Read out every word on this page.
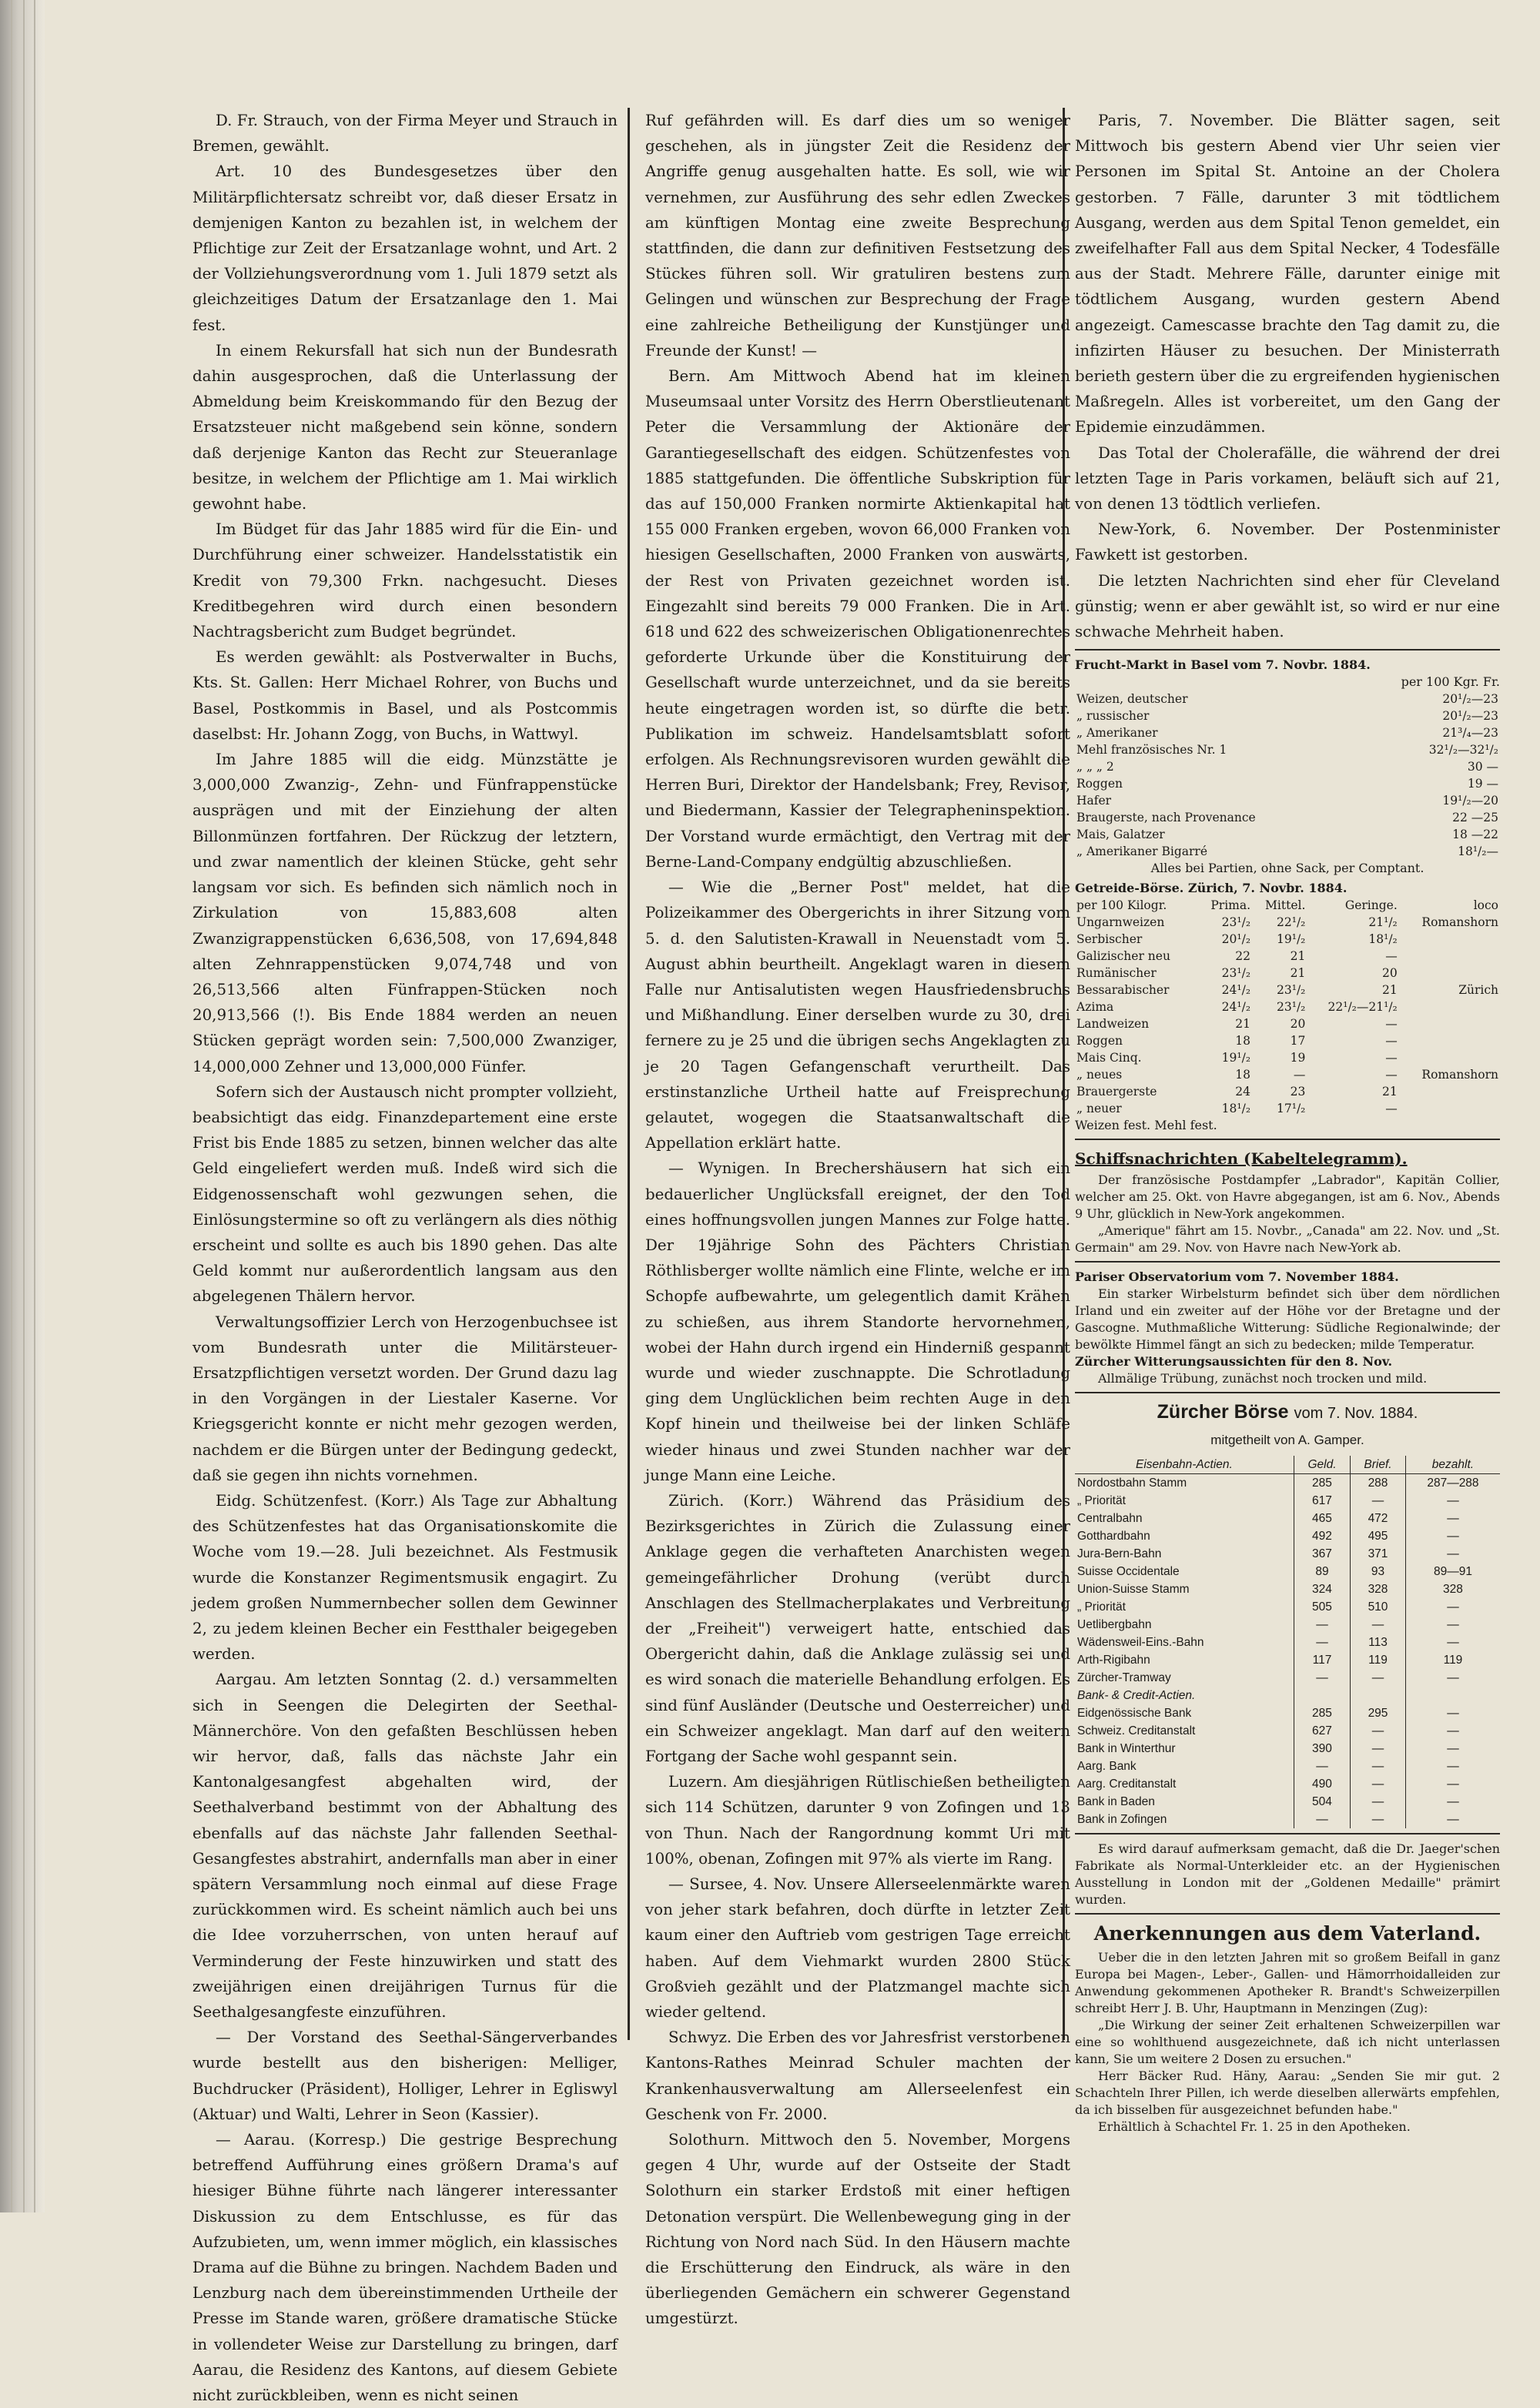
D. Fr. Strauch, von der Firma Meyer und Strauch in Bremen, gewählt.

Art. 10 des Bundesgesetzes über den Militärpflichtersatz schreibt vor, daß dieser Ersatz in demjenigen Kanton zu bezahlen ist, in welchem der Pflichtige zur Zeit der Ersatzanlage wohnt, und Art. 2 der Vollziehungsverordnung vom 1. Juli 1879 setzt als gleichzeitiges Datum der Ersatzanlage den 1. Mai fest.

In einem Rekursfall hat sich nun der Bundesrath dahin ausgesprochen, daß die Unterlassung der Abmeldung beim Kreiskommando für den Bezug der Ersatzsteuer nicht maßgebend sein könne, sondern daß derjenige Kanton das Recht zur Steueranlage besitze, in welchem der Pflichtige am 1. Mai wirklich gewohnt habe.

Im Büdget für das Jahr 1885 wird für die Ein- und Durchführung einer schweizer. Handelsstatistik ein Kredit von 79,300 Frkn. nachgesucht. Dieses Kreditbegehren wird durch einen besondern Nachtragsbericht zum Budget begründet.

Es werden gewählt: als Postverwalter in Buchs, Kts. St. Gallen: Herr Michael Rohrer, von Buchs und Basel, Postkommis in Basel, und als Postcommis daselbst: Hr. Johann Zogg, von Buchs, in Wattwyl.

Im Jahre 1885 will die eidg. Münzstätte je 3,000,000 Zwanzig-, Zehn- und Fünfrappenstücke ausprägen und mit der Einziehung der alten Billonmünzen fortfahren. Der Rückzug der letztern, und zwar namentlich der kleinen Stücke, geht sehr langsam vor sich. Es befinden sich nämlich noch in Zirkulation von 15,883,608 alten Zwanzigrappenstücken 6,636,508, von 17,694,848 alten Zehnrappenstücken 9,074,748 und von 26,513,566 alten Fünfrappen-Stücken noch 20,913,566 (!). Bis Ende 1884 werden an neuen Stücken geprägt worden sein: 7,500,000 Zwanziger, 14,000,000 Zehner und 13,000,000 Fünfer.

Sofern sich der Austausch nicht prompter vollzieht, beabsichtigt das eidg. Finanzdepartement eine erste Frist bis Ende 1885 zu setzen, binnen welcher das alte Geld eingeliefert werden muß. Indeß wird sich die Eidgenossenschaft wohl gezwungen sehen, die Einlösungstermine so oft zu verlängern als dies nöthig erscheint und sollte es auch bis 1890 gehen. Das alte Geld kommt nur außerordentlich langsam aus den abgelegenen Thälern hervor.

Verwaltungsoffizier Lerch von Herzogenbuchsee ist vom Bundesrath unter die Militärsteuer-Ersatzpflichtigen versetzt worden. Der Grund dazu lag in den Vorgängen in der Liestaler Kaserne. Vor Kriegsgericht konnte er nicht mehr gezogen werden, nachdem er die Bürgen unter der Bedingung gedeckt, daß sie gegen ihn nichts vornehmen.

Eidg. Schützenfest. (Korr.) Als Tage zur Abhaltung des Schützenfestes hat das Organisationskomite die Woche vom 19.—28. Juli bezeichnet. Als Festmusik wurde die Konstanzer Regimentsmusik engagirt. Zu jedem großen Nummernbecher sollen dem Gewinner 2, zu jedem kleinen Becher ein Festthaler beigegeben werden.

Aargau. Am letzten Sonntag (2. d.) versammelten sich in Seengen die Delegirten der Seethal-Männerchöre. Von den gefaßten Beschlüssen heben wir hervor, daß, falls das nächste Jahr ein Kantonalgesangfest abgehalten wird, der Seethalverband bestimmt von der Abhaltung des ebenfalls auf das nächste Jahr fallenden Seethal-Gesangfestes abstrahirt, andernfalls man aber in einer spätern Versammlung noch einmal auf diese Frage zurückkommen wird. Es scheint nämlich auch bei uns die Idee vorzuherrschen, von unten herauf auf Verminderung der Feste hinzuwirken und statt des zweijährigen einen dreijährigen Turnus für die Seethalgesangfeste einzuführen.

— Der Vorstand des Seethal-Sängerverbandes wurde bestellt aus den bisherigen: Melliger, Buchdrucker (Präsident), Holliger, Lehrer in Egliswyl (Aktuar) und Walti, Lehrer in Seon (Kassier).

— Aarau. (Korresp.) Die gestrige Besprechung betreffend Aufführung eines größern Drama's auf hiesiger Bühne führte nach längerer interessanter Diskussion zu dem Entschlusse, es für das Aufzubieten, um, wenn immer möglich, ein klassisches Drama auf die Bühne zu bringen. Nachdem Baden und Lenzburg nach dem übereinstimmenden Urtheile der Presse im Stande waren, größere dramatische Stücke in vollendeter Weise zur Darstellung zu bringen, darf Aarau, die Residenz des Kantons, auf diesem Gebiete nicht zurückbleiben, wenn es nicht seinen

Ruf gefährden will. Es darf dies um so weniger geschehen, als in jüngster Zeit die Residenz der Angriffe genug ausgehalten hatte. Es soll, wie wir vernehmen, zur Ausführung des sehr edlen Zweckes am künftigen Montag eine zweite Besprechung stattfinden, die dann zur definitiven Festsetzung des Stückes führen soll. Wir gratuliren bestens zum Gelingen und wünschen zur Besprechung der Frage eine zahlreiche Betheiligung der Kunstjünger und Freunde der Kunst! —

Bern. Am Mittwoch Abend hat im kleinen Museumsaal unter Vorsitz des Herrn Oberstlieutenant Peter die Versammlung der Aktionäre der Garantiegesellschaft des eidgen. Schützenfestes von 1885 stattgefunden. Die öffentliche Subskription für das auf 150,000 Franken normirte Aktienkapital hat 155 000 Franken ergeben, wovon 66,000 Franken von hiesigen Gesellschaften, 2000 Franken von auswärts, der Rest von Privaten gezeichnet worden ist. Eingezahlt sind bereits 79 000 Franken. Die in Art. 618 und 622 des schweizerischen Obligationenrechtes geforderte Urkunde über die Konstituirung der Gesellschaft wurde unterzeichnet, und da sie bereits heute eingetragen worden ist, so dürfte die betr. Publikation im schweiz. Handelsamtsblatt sofort erfolgen. Als Rechnungsrevisoren wurden gewählt die Herren Buri, Direktor der Handelsbank; Frey, Revisor, und Biedermann, Kassier der Telegrapheninspektion. Der Vorstand wurde ermächtigt, den Vertrag mit der Berne-Land-Company endgültig abzuschließen.

— Wie die „Berner Post" meldet, hat die Polizeikammer des Obergerichts in ihrer Sitzung vom 5. d. den Salutisten-Krawall in Neuenstadt vom 5. August abhin beurtheilt. Angeklagt waren in diesem Falle nur Antisalutisten wegen Hausfriedensbruchs und Mißhandlung. Einer derselben wurde zu 30, drei fernere zu je 25 und die übrigen sechs Angeklagten zu je 20 Tagen Gefangenschaft verurtheilt. Das erstinstanzliche Urtheil hatte auf Freisprechung gelautet, wogegen die Staatsanwaltschaft die Appellation erklärt hatte.

— Wynigen. In Brechershäusern hat sich ein bedauerlicher Unglücksfall ereignet, der den Tod eines hoffnungsvollen jungen Mannes zur Folge hatte. Der 19jährige Sohn des Pächters Christian Röthlisberger wollte nämlich eine Flinte, welche er im Schopfe aufbewahrte, um gelegentlich damit Krähen zu schießen, aus ihrem Standorte hervornehmen, wobei der Hahn durch irgend ein Hinderniß gespannt wurde und wieder zuschnappte. Die Schrotladung ging dem Unglücklichen beim rechten Auge in den Kopf hinein und theilweise bei der linken Schläfe wieder hinaus und zwei Stunden nachher war der junge Mann eine Leiche.

Zürich. (Korr.) Während das Präsidium des Bezirksgerichtes in Zürich die Zulassung einer Anklage gegen die verhafteten Anarchisten wegen gemeingefährlicher Drohung (verübt durch Anschlagen des Stellmacherplakates und Verbreitung der „Freiheit") verweigert hatte, entschied das Obergericht dahin, daß die Anklage zulässig sei und es wird sonach die materielle Behandlung erfolgen. Es sind fünf Ausländer (Deutsche und Oesterreicher) und ein Schweizer angeklagt. Man darf auf den weitern Fortgang der Sache wohl gespannt sein.

Luzern. Am diesjährigen Rütlischießen betheiligten sich 114 Schützen, darunter 9 von Zofingen und 13 von Thun. Nach der Rangordnung kommt Uri mit 100%, obenan, Zofingen mit 97% als vierte im Rang.

— Sursee, 4. Nov. Unsere Allerseelenmärkte waren von jeher stark befahren, doch dürfte in letzter Zeit kaum einer den Auftrieb vom gestrigen Tage erreicht haben. Auf dem Viehmarkt wurden 2800 Stück Großvieh gezählt und der Platzmangel machte sich wieder geltend.

Schwyz. Die Erben des vor Jahresfrist verstorbenen Kantons-Rathes Meinrad Schuler machten der Krankenhausverwaltung am Allerseelenfest ein Geschenk von Fr. 2000.

Solothurn. Mittwoch den 5. November, Morgens gegen 4 Uhr, wurde auf der Ostseite der Stadt Solothurn ein starker Erdstoß mit einer heftigen Detonation verspürt. Die Wellenbewegung ging in der Richtung von Nord nach Süd. In den Häusern machte die Erschütterung den Eindruck, als wäre in den überliegenden Gemächern ein schwerer Gegenstand umgestürzt.

Paris, 7. November. Die Blätter sagen, seit Mittwoch bis gestern Abend vier Uhr seien vier Personen im Spital St. Antoine an der Cholera gestorben. 7 Fälle, darunter 3 mit tödtlichem Ausgang, werden aus dem Spital Tenon gemeldet, ein zweifelhafter Fall aus dem Spital Necker, 4 Todesfälle aus der Stadt. Mehrere Fälle, darunter einige mit tödtlichem Ausgang, wurden gestern Abend angezeigt. Camescasse brachte den Tag damit zu, die infizirten Häuser zu besuchen. Der Ministerrath berieth gestern über die zu ergreifenden hygienischen Maßregeln. Alles ist vorbereitet, um den Gang der Epidemie einzudämmen.

Das Total der Cholerafälle, die während der drei letzten Tage in Paris vorkamen, beläuft sich auf 21, von denen 13 tödtlich verliefen.

New-York, 6. November. Der Postenminister Fawkett ist gestorben.

Die letzten Nachrichten sind eher für Cleveland günstig; wenn er aber gewählt ist, so wird er nur eine schwache Mehrheit haben.

Frucht-Markt in Basel vom 7. Novbr. 1884.
per 100 Kgr. Fr.
Weizen, deutscher	20¹/₂—23
„ russischer	20¹/₂—23
„ Amerikaner	21³/₄—23
Mehl französisches Nr. 1	32¹/₂—32¹/₂
„ „ „ 2	30 —
Roggen	19 —
Hafer	19¹/₂—20
Braugerste, nach Provenance	22 —25
Mais, Galatzer	18 —22
„ Amerikaner Bigarré	18¹/₂—
Alles bei Partien, ohne Sack, per Comptant.
Getreide-Börse. Zürich, 7. Novbr. 1884.
per 100 Kilogr.	Prima.	Mittel.	Geringe.	loco
Ungarnweizen	23¹/₂	22¹/₂	21¹/₂	Romanshorn
Serbischer	20¹/₂	19¹/₂	18¹/₂	
Galizischer neu	22	21	—	
Rumänischer	23¹/₂	21	20	
Bessarabischer	24¹/₂	23¹/₂	21	Zürich
Azima	24¹/₂	23¹/₂	22¹/₂—21¹/₂	
Landweizen	21	20	—	
Roggen	18	17	—	
Mais Cinq.	19¹/₂	19	—	
„ neues	18	—	—	Romanshorn
Brauergerste	24	23	21	
„ neuer	18¹/₂	17¹/₂	—	
Weizen fest. Mehl fest.
Schiffsnachrichten (Kabeltelegramm).

Der französische Postdampfer „Labrador", Kapitän Collier, welcher am 25. Okt. von Havre abgegangen, ist am 6. Nov., Abends 9 Uhr, glücklich in New-York angekommen.

„Amerique" fährt am 15. Novbr., „Canada" am 22. Nov. und „St. Germain" am 29. Nov. von Havre nach New-York ab.

Pariser Observatorium vom 7. November 1884.

Ein starker Wirbelsturm befindet sich über dem nördlichen Irland und ein zweiter auf der Höhe vor der Bretagne und der Gascogne. Muthmaßliche Witterung: Südliche Regionalwinde; der bewölkte Himmel fängt an sich zu bedecken; milde Temperatur.

Zürcher Witterungsaussichten für den 8. Nov.

Allmälige Trübung, zunächst noch trocken und mild.

Zürcher Börse vom 7. Nov. 1884.
mitgetheilt von A. Gamper.
Eisenbahn-Actien.	Geld.	Brief.	bezahlt.
Nordostbahn Stamm	285	288	287—288
„ Priorität	617	—	—
Centralbahn	465	472	—
Gotthardbahn	492	495	—
Jura-Bern-Bahn	367	371	—
Suisse Occidentale	89	93	89—91
Union-Suisse Stamm	324	328	328
„ Priorität	505	510	—
Uetlibergbahn	—	—	—
Wädensweil-Eins.-Bahn	—	113	—
Arth-Rigibahn	117	119	119
Zürcher-Tramway	—	—	—
Bank- & Credit-Actien.			
Eidgenössische Bank	285	295	—
Schweiz. Creditanstalt	627	—	—
Bank in Winterthur	390	—	—
Aarg. Bank	—	—	—
Aarg. Creditanstalt	490	—	—
Bank in Baden	504	—	—
Bank in Zofingen	—	—	—

Es wird darauf aufmerksam gemacht, daß die Dr. Jaeger'schen Fabrikate als Normal-Unterkleider etc. an der Hygienischen Ausstellung in London mit der „Goldenen Medaille" prämirt wurden.

Anerkennungen aus dem Vaterland.

Ueber die in den letzten Jahren mit so großem Beifall in ganz Europa bei Magen-, Leber-, Gallen- und Hämorrhoidalleiden zur Anwendung gekommenen Apotheker R. Brandt's Schweizerpillen schreibt Herr J. B. Uhr, Hauptmann in Menzingen (Zug):

„Die Wirkung der seiner Zeit erhaltenen Schweizerpillen war eine so wohlthuend ausgezeichnete, daß ich nicht unterlassen kann, Sie um weitere 2 Dosen zu ersuchen."

Herr Bäcker Rud. Häny, Aarau: „Senden Sie mir gut. 2 Schachteln Ihrer Pillen, ich werde dieselben allerwärts empfehlen, da ich bisselben für ausgezeichnet befunden habe."

Erhältlich à Schachtel Fr. 1. 25 in den Apotheken.
